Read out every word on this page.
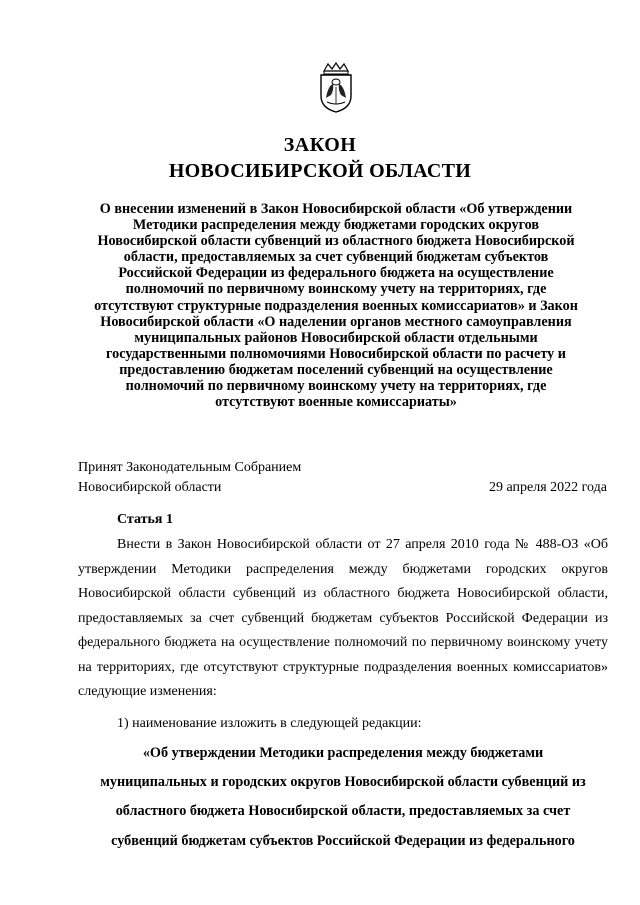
ЗАКОН
НОВОСИБИРСКОЙ ОБЛАСТИ
О внесении изменений в Закон Новосибирской области «Об утверждении
Методики распределения между бюджетами городских округов
Новосибирской области субвенций из областного бюджета Новосибирской
области, предоставляемых за счет субвенций бюджетам субъектов
Российской Федерации из федерального бюджета на осуществление
полномочий по первичному воинскому учету на территориях, где
отсутствуют структурные подразделения военных комиссариатов» и Закон
Новосибирской области «О наделении органов местного самоуправления
муниципальных районов Новосибирской области отдельными
государственными полномочиями Новосибирской области по расчету и
предоставлению бюджетам поселений субвенций на осуществление
полномочий по первичному воинскому учету на территориях, где
отсутствуют военные комиссариаты»
Принят Законодательным Собранием
Новосибирской области	29 апреля 2022 года
Статья 1

Внести в Закон Новосибирской области от 27 апреля 2010 года № 488-ОЗ «Об утверждении Методики распределения между бюджетами городских округов Новосибирской области субвенций из областного бюджета Новосибирской области, предоставляемых за счет субвенций бюджетам субъектов Российской Федерации из федерального бюджета на осуществление полномочий по первичному воинскому учету на территориях, где отсутствуют структурные подразделения военных комиссариатов» следующие изменения:

1) наименование изложить в следующей редакции:
«Об утверждении Методики распределения между бюджетами
муниципальных и городских округов Новосибирской области субвенций из
областного бюджета Новосибирской области, предоставляемых за счет
субвенций бюджетам субъектов Российской Федерации из федерального
